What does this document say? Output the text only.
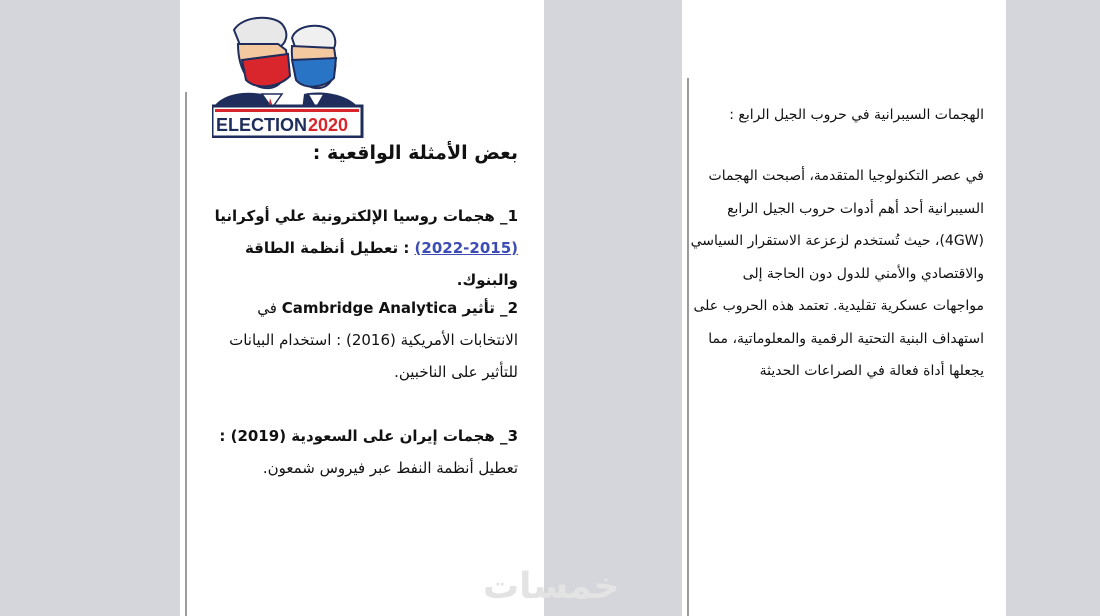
ELECTION 2020
بعض الأمثلة الواقعية :
1_ هجمات روسيا الإلكترونية علي أوكرانيا
(2022-2015) : تعطيل أنظمة الطاقة والبنوك.
2_ تأثير Cambridge Analytica في الانتخابات الأمريكية (2016) : استخدام البيانات للتأثير على الناخبين.
3_ هجمات إيران على السعودية (2019) :
تعطيل أنظمة النفط عبر فيروس شمعون.
الهجمات السيبرانية في حروب الجيل الرابع :
في عصر التكنولوجيا المتقدمة، أصبحت الهجمات السيبرانية أحد أهم أدوات حروب الجيل الرابع (4GW)، حيث تُستخدم لزعزعة الاستقرار السياسي والاقتصادي والأمني للدول دون الحاجة إلى مواجهات عسكرية تقليدية. تعتمد هذه الحروب على استهداف البنية التحتية الرقمية والمعلوماتية، مما يجعلها أداة فعالة في الصراعات الحديثة
خمسات
